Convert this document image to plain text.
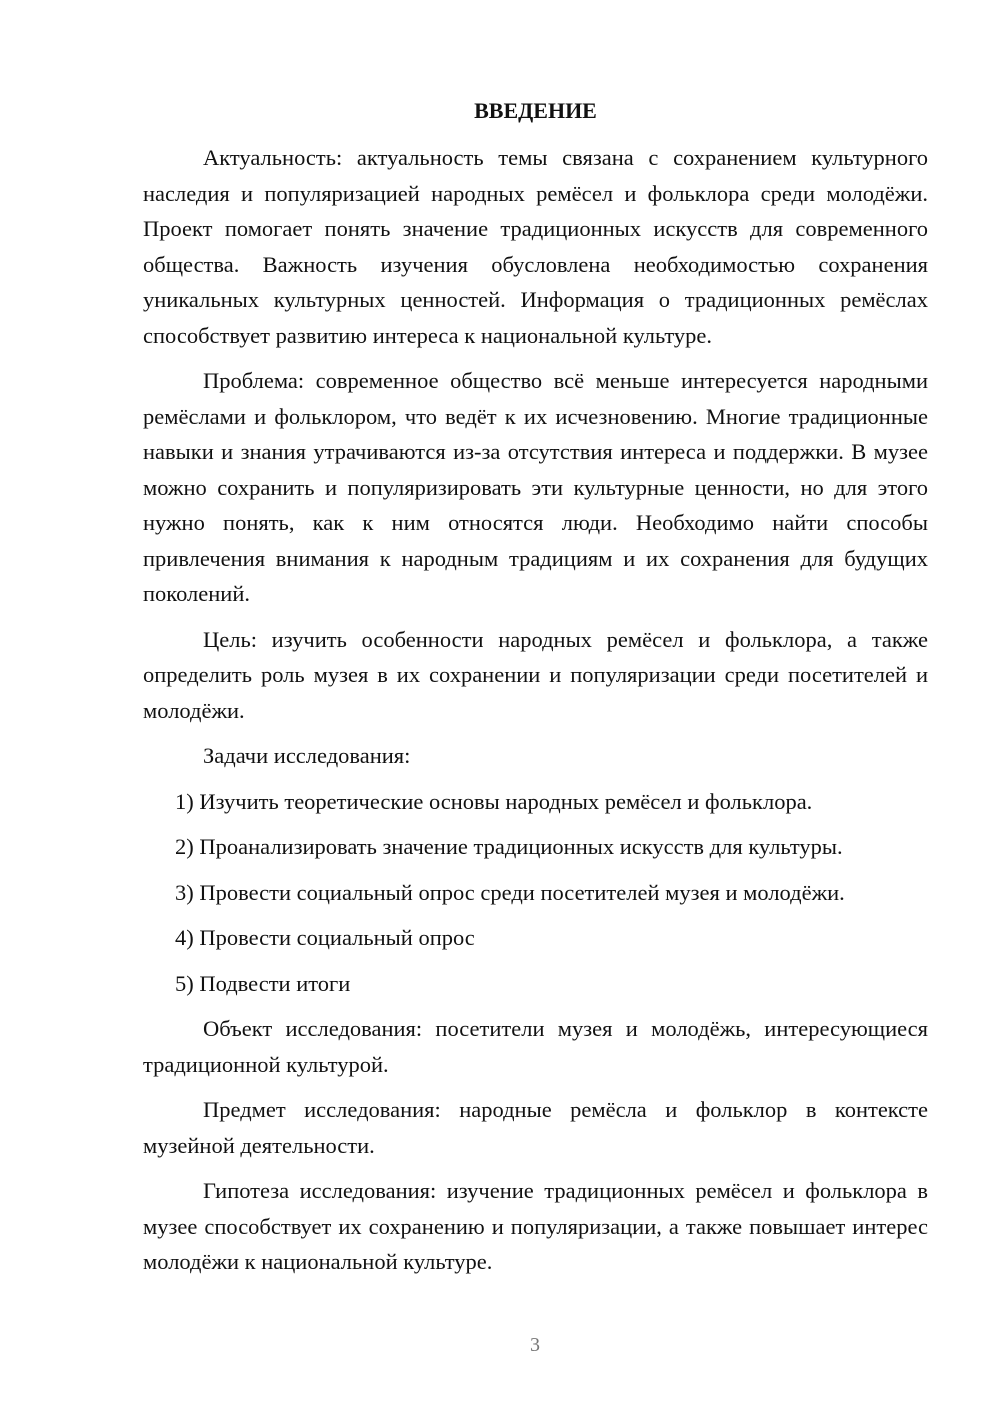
ВВЕДЕНИЕ

Актуальность: актуальность темы связана с сохранением культурного наследия и популяризацией народных ремёсел и фольклора среди молодёжи. Проект помогает понять значение традиционных искусств для современного общества. Важность изучения обусловлена необходимостью сохранения уникальных культурных ценностей. Информация о традиционных ремёслах способствует развитию интереса к национальной культуре.

Проблема: современное общество всё меньше интересуется народными ремёслами и фольклором, что ведёт к их исчезновению. Многие традиционные навыки и знания утрачиваются из-за отсутствия интереса и поддержки. В музее можно сохранить и популяризировать эти культурные ценности, но для этого нужно понять, как к ним относятся люди. Необходимо найти способы привлечения внимания к народным традициям и их сохранения для будущих поколений.

Цель: изучить особенности народных ремёсел и фольклора, а также определить роль музея в их сохранении и популяризации среди посетителей и молодёжи.

Задачи исследования:
1) Изучить теоретические основы народных ремёсел и фольклора.
2) Проанализировать значение традиционных искусств для культуры.
3) Провести социальный опрос среди посетителей музея и молодёжи.
4) Провести социальный опрос
5) Подвести итоги

Объект исследования: посетители музея и молодёжь, интересующиеся традиционной культурой.

Предмет исследования: народные ремёсла и фольклор в контексте музейной деятельности.

Гипотеза исследования: изучение традиционных ремёсел и фольклора в музее способствует их сохранению и популяризации, а также повышает интерес молодёжи к национальной культуре.

3
